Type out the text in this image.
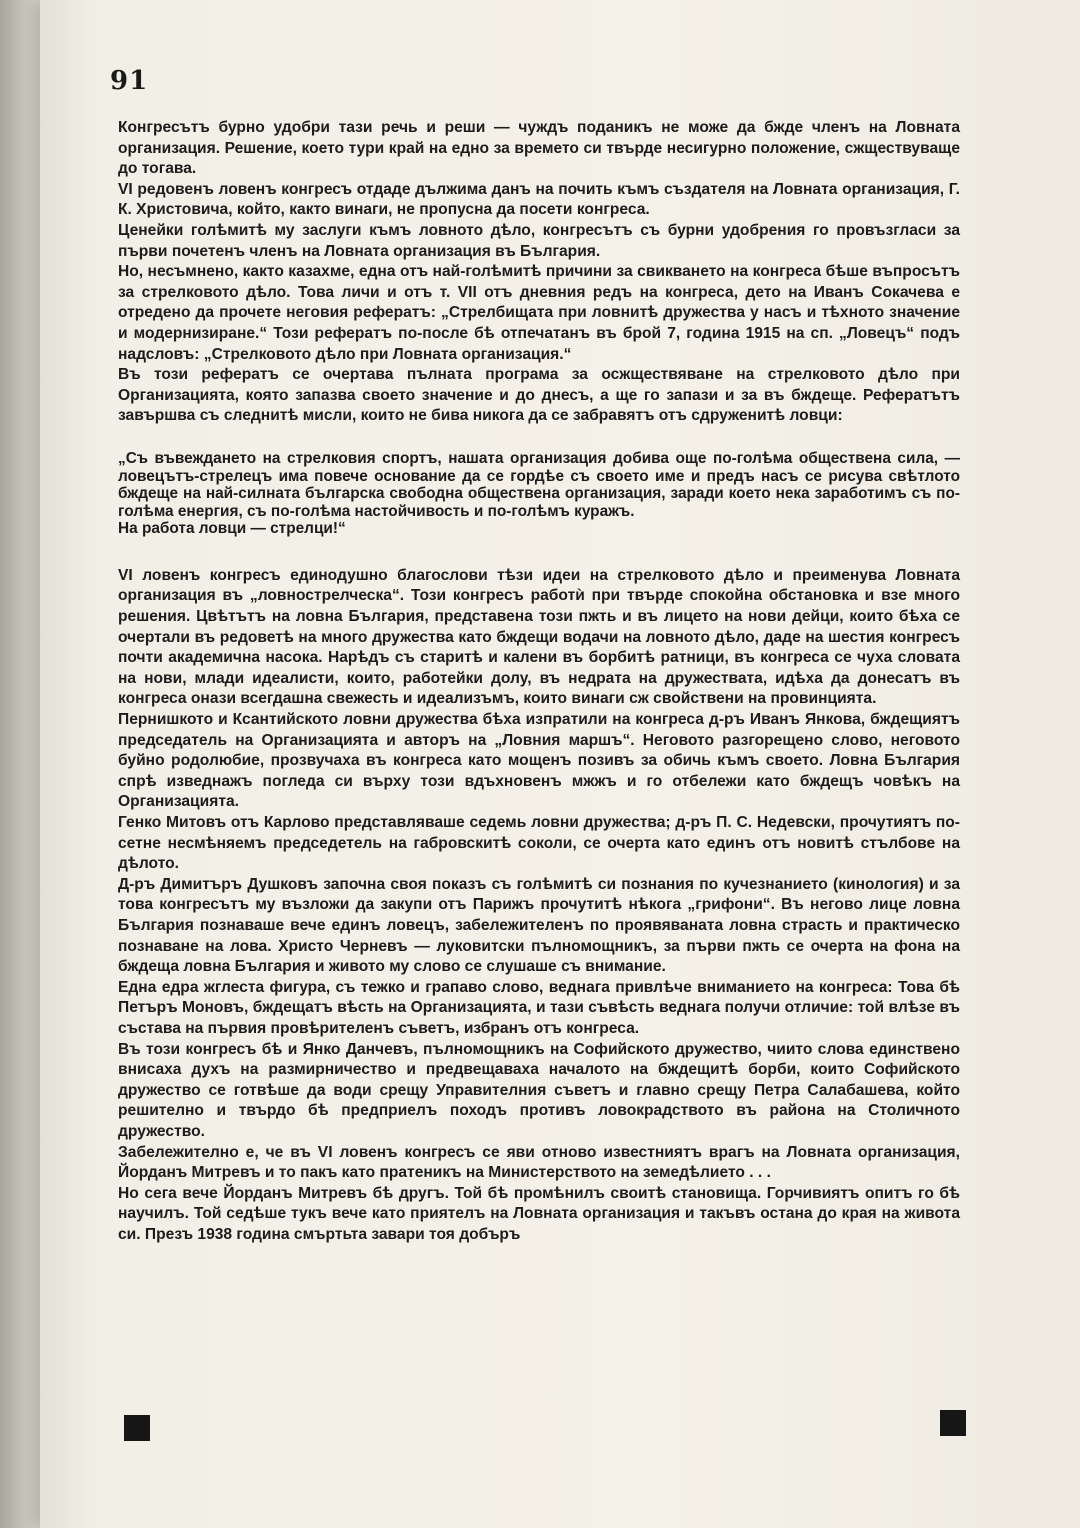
91

Конгресътъ бурно удобри тази речь и реши — чуждъ поданикъ не може да бжде членъ на Ловната организация. Решение, което тури край на едно за времето си твърде несигурно положение, сжществуваще до тогава.

VI редовенъ ловенъ конгресъ отдаде дължима данъ на почить къмъ създателя на Ловната организация, Г. К. Христовича, който, както винаги, не пропусна да посети конгреса.

Ценейки голѣмитѣ му заслуги къмъ ловното дѣло, конгресътъ съ бурни удобрения го провъзгласи за първи почетенъ членъ на Ловната организация въ България.

Но, несъмнено, както казахме, една отъ най-голѣмитѣ причини за свикването на конгреса бѣше въпросътъ за стрелковото дѣло. Това личи и отъ т. VII отъ дневния редъ на конгреса, дето на Иванъ Сокачева е отредено да прочете неговия рефератъ: „Стрелбищата при ловнитѣ дружества у насъ и тѣхното значение и модернизиране.“ Този рефератъ по-после бѣ отпечатанъ въ брой 7, година 1915 на сп. „Ловецъ“ подъ надсловъ: „Стрелковото дѣло при Ловната организация.“

Въ този рефератъ се очертава пълната програма за осжществяване на стрелковото дѣло при Организацията, която запазва своето значение и до днесъ, а ще го запази и за въ бждеще. Рефератътъ завършва съ следнитѣ мисли, които не бива никога да се забравятъ отъ сдруженитѣ ловци:

„Съ въвеждането на стрелковия спортъ, нашата организация добива още по-голѣма обществена сила, — ловецътъ-стрелецъ има повече основание да се гордѣе съ своето име и предъ насъ се рисува свѣтлото бждеще на най-силната българска свободна обществена организация, заради което нека заработимъ съ по-голѣма енергия, съ по-голѣма настойчивость и по-голѣмъ куражъ.

На работа ловци — стрелци!“

VI ловенъ конгресъ единодушно благослови тѣзи идеи на стрелковото дѣло и преименува Ловната организация въ „ловнострелческа“. Този конгресъ работѝ при твърде спокойна обстановка и взе много решения. Цвѣтътъ на ловна България, представена този пжть и въ лицето на нови дейци, които бѣха се очертали въ редоветѣ на много дружества като бждещи водачи на ловното дѣло, даде на шестия конгресъ почти академична насока. Нарѣдъ съ старитѣ и калени въ борбитѣ ратници, въ конгреса се чуха словата на нови, млади идеалисти, които, работейки долу, въ недрата на дружествата, идѣха да донесатъ въ конгреса онази всегдашна свежесть и идеализъмъ, които винаги сж свойствени на провинцията.

Пернишкото и Ксантийското ловни дружества бѣха изпратили на конгреса д-ръ Иванъ Янкова, бждещиятъ председатель на Организацията и авторъ на „Ловния маршъ“. Неговото разгорещено слово, неговото буйно родолюбие, прозвучаха въ конгреса като мощенъ позивъ за обичь къмъ своето. Ловна България спрѣ изведнажъ погледа си върху този вдъхновенъ мжжъ и го отбележи като бждещъ човѣкъ на Организацията.

Генко Митовъ отъ Карлово представляваше седемь ловни дружества; д-ръ П. С. Недевски, прочутиятъ по-сетне несмѣняемъ председетель на габровскитѣ соколи, се очерта като единъ отъ новитѣ стълбове на дѣлото.

Д-ръ Димитъръ Душковъ започна своя показъ съ голѣмитѣ си познания по кучезнанието (кинология) и за това конгресътъ му възложи да закупи отъ Парижъ прочутитѣ нѣкога „грифони“. Въ негово лице ловна България познаваше вече единъ ловецъ, забележителенъ по проявяваната ловна страсть и практическо познаване на лова. Христо Черневъ — луковитски пълномощникъ, за първи пжть се очерта на фона на бждеща ловна България и живото му слово се слушаше съ внимание.

Една едра жглеста фигура, съ тежко и грапаво слово, веднага привлѣче вниманието на конгреса: Това бѣ Петъръ Моновъ, бждещатъ вѣсть на Организацията, и тази съвѣсть веднага получи отличие: той влѣзе въ състава на първия провѣрителенъ съветъ, избранъ отъ конгреса.

Въ този конгресъ бѣ и Янко Данчевъ, пълномощникъ на Софийското дружество, чиито слова единствено внисаха духъ на размирничество и предвещаваха началото на бждещитѣ борби, които Софийското дружество се готвѣше да води срещу Управителния съветъ и главно срещу Петра Салабашева, който решително и твърдо бѣ предприелъ походъ противъ ловокрадството въ района на Столичното дружество.

Забележително е, че въ VI ловенъ конгресъ се яви отново известниятъ врагъ на Ловната организация, Йорданъ Митревъ и то пакъ като пратеникъ на Министерството на земедѣлието . . .

Но сега вече Йорданъ Митревъ бѣ другъ. Той бѣ промѣнилъ своитѣ становища. Горчивиятъ опитъ го бѣ научилъ. Той седѣше тукъ вече като приятелъ на Ловната организация и такъвъ остана до края на живота си. Презъ 1938 година смъртьта завари тоя добъръ
